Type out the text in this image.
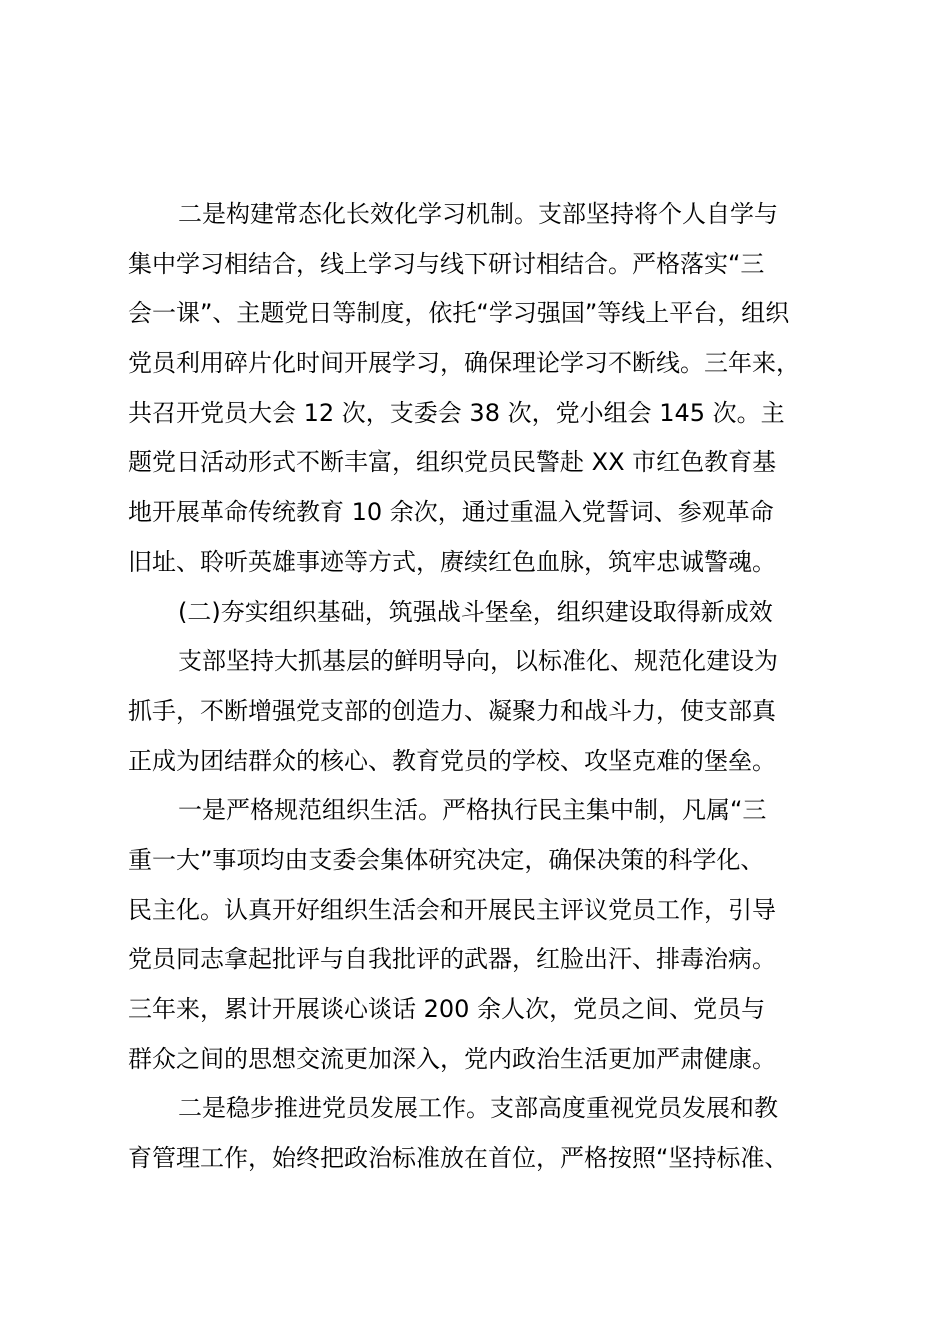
二是构建常态化长效化学习机制。支部坚持将个人自学与
集中学习相结合，线上学习与线下研讨相结合。严格落实“三
会一课”、主题党日等制度，依托“学习强国”等线上平台，组织
党员利用碎片化时间开展学习，确保理论学习不断线。三年来，
共召开党员大会 12 次，支委会 38 次，党小组会 145 次。主
题党日活动形式不断丰富，组织党员民警赴 XX 市红色教育基
地开展革命传统教育 10 余次，通过重温入党誓词、参观革命
旧址、聆听英雄事迹等方式，赓续红色血脉，筑牢忠诚警魂。
(二)夯实组织基础，筑强战斗堡垒，组织建设取得新成效
支部坚持大抓基层的鲜明导向，以标准化、规范化建设为
抓手，不断增强党支部的创造力、凝聚力和战斗力，使支部真
正成为团结群众的核心、教育党员的学校、攻坚克难的堡垒。
一是严格规范组织生活。严格执行民主集中制，凡属“三
重一大”事项均由支委会集体研究决定，确保决策的科学化、
民主化。认真开好组织生活会和开展民主评议党员工作，引导
党员同志拿起批评与自我批评的武器，红脸出汗、排毒治病。
三年来，累计开展谈心谈话 200 余人次，党员之间、党员与
群众之间的思想交流更加深入，党内政治生活更加严肃健康。
二是稳步推进党员发展工作。支部高度重视党员发展和教
育管理工作，始终把政治标准放在首位，严格按照“坚持标准、
